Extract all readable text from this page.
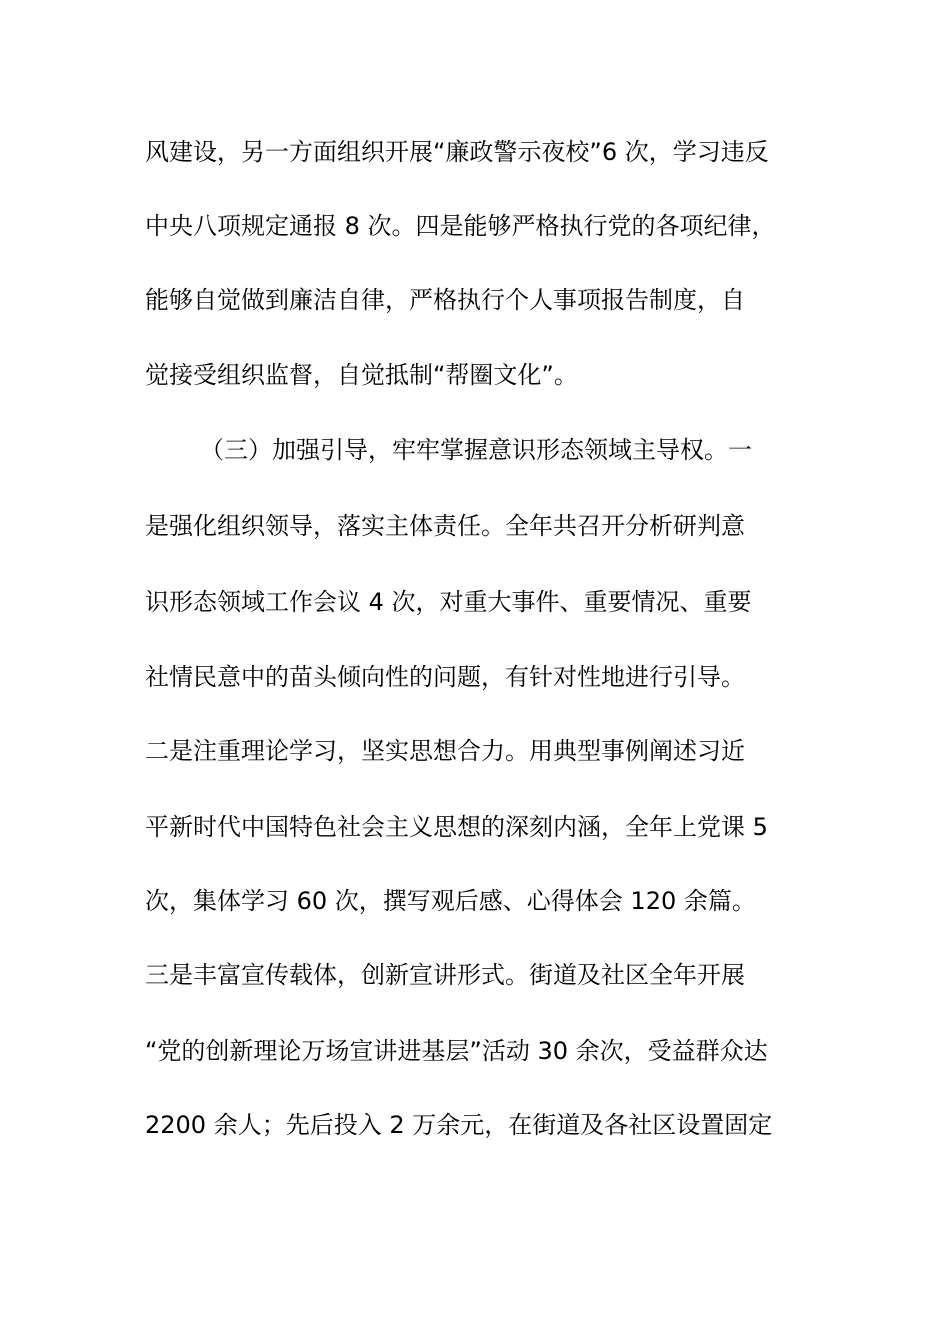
风建设，另一方面组织开展“廉政警示夜校”6 次，学习违反
中央八项规定通报 8 次。四是能够严格执行党的各项纪律，
能够自觉做到廉洁自律，严格执行个人事项报告制度，自
觉接受组织监督，自觉抵制“帮圈文化”。
（三）加强引导，牢牢掌握意识形态领域主导权。一
是强化组织领导，落实主体责任。全年共召开分析研判意
识形态领域工作会议 4 次，对重大事件、重要情况、重要
社情民意中的苗头倾向性的问题，有针对性地进行引导。
二是注重理论学习，坚实思想合力。用典型事例阐述习近
平新时代中国特色社会主义思想的深刻内涵，全年上党课 5
次，集体学习 60 次，撰写观后感、心得体会 120 余篇。
三是丰富宣传载体，创新宣讲形式。街道及社区全年开展
“党的创新理论万场宣讲进基层”活动 30 余次，受益群众达
2200 余人；先后投入 2 万余元，在街道及各社区设置固定
